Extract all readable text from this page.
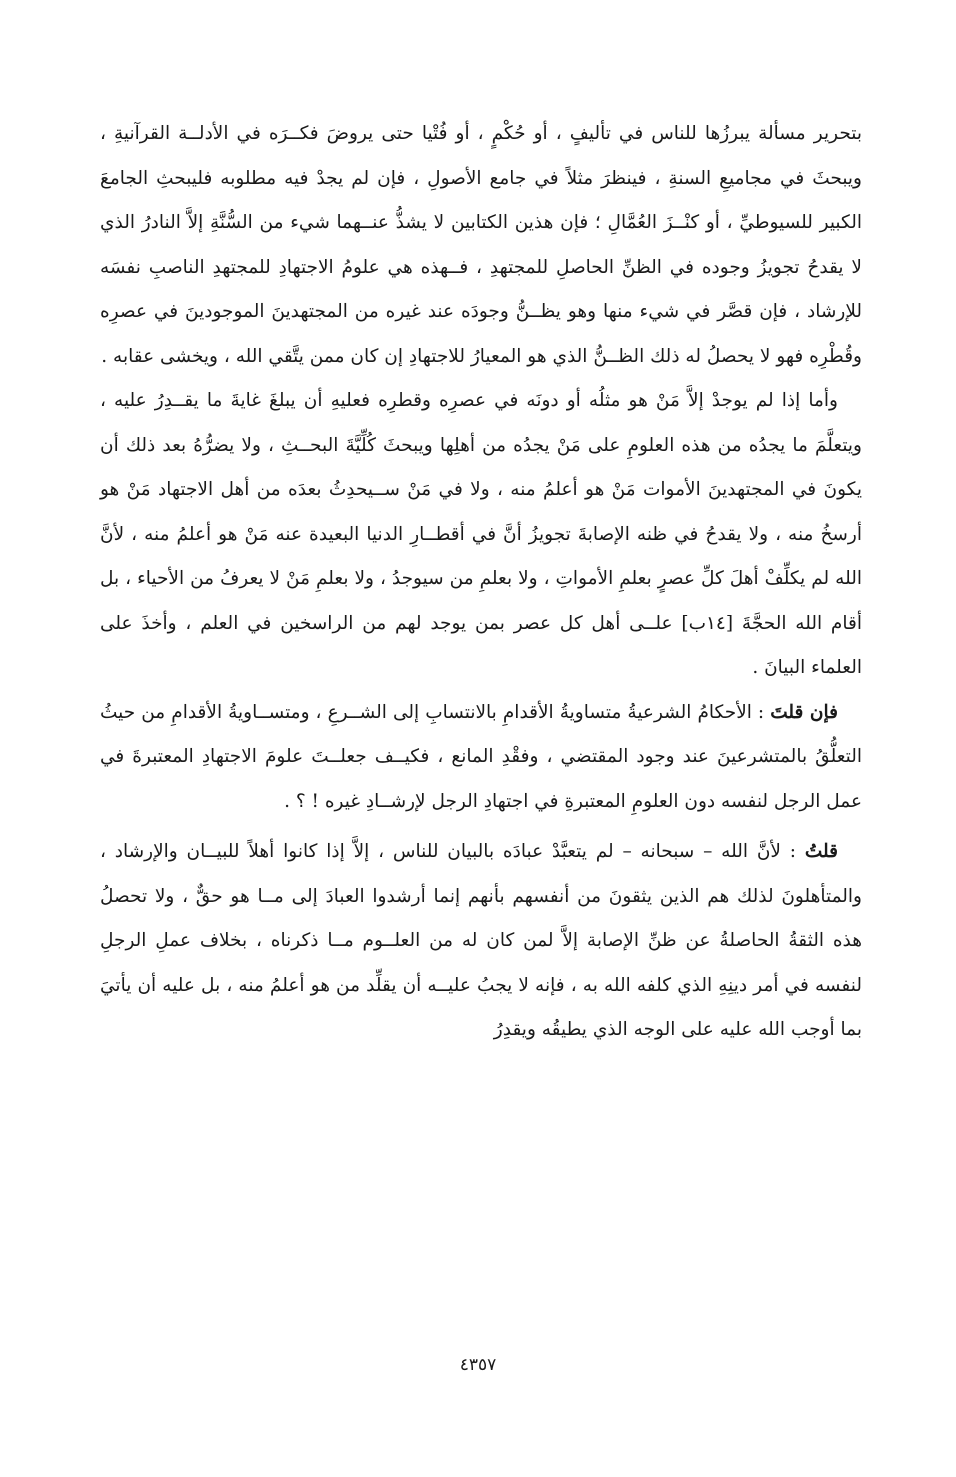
بتحرير مسألة يبرزُها للناس في تأليفٍ ، أو حُكْمٍ ، أو فُتْيا حتى يروضَ فكــرَه في الأدلــة القرآنيةِ ، ويبحثَ في مجاميعِ السنةِ ، فينظرَ مثلاً في جامع الأصولِ ، فإن لم يجدْ فيه مطلوبه فليبحثِ الجامعَ الكبير للسيوطيِّ ، أو كنْــزَ العُمَّالِ ؛ فإن هذين الكتابين لا يشذُّ عنــهما شيء من السُّنَّةِ إلاَّ النادرُ الذي لا يقدحُ تجويزُ وجوده في الظنِّ الحاصلِ للمجتهدِ ، فــهذه هي علومُ الاجتهادِ للمجتهدِ الناصبِ نفسَه للإرشاد ، فإن قصَّر في شيء منها وهو يظــنُّ وجودَه عند غيره من المجتهدينَ الموجودينَ في عصرِه وقُطْرِه فهو لا يحصلُ له ذلك الظــنُّ الذي هو المعيارُ للاجتهادِ إن كان ممن يتَّقي الله ، ويخشى عقابه .

وأما إذا لم يوجدْ إلاَّ مَنْ هو مثلُه أو دونَه في عصرِه وقطرِه فعليهِ أن يبلغَ غايةَ ما يقــدِرُ عليه ، ويتعلَّمَ ما يجدُه من هذه العلومِ على مَنْ يجدُه من أهلِها ويبحثَ كُلِّيَّةَ البحــثِ ، ولا يضرُّهُ بعد ذلك أن يكونَ في المجتهدينَ الأموات مَنْ هو أعلمُ منه ، ولا في مَنْ ســيحدِثُ بعدَه من أهل الاجتهاد مَنْ هو أرسخُ منه ، ولا يقدحُ في ظنه الإصابةَ تجويزُ أنَّ في أقطــارِ الدنيا البعيدة عنه مَنْ هو أعلمُ منه ، لأنَّ الله لم يكلِّفْ أهلَ كلِّ عصرٍ بعلمِ الأمواتِ ، ولا بعلمِ من سيوجدُ ، ولا بعلمِ مَنْ لا يعرفُ من الأحياء ، بل أقام الله الحجَّةَ [١٤ب] علــى أهل كل عصر بمن يوجد لهم من الراسخين في العلم ، وأخذَ على العلماء البيانَ .

فإن قلتَ : الأحكامُ الشرعيةُ متساويةُ الأقدامِ بالانتسابِ إلى الشــرعِ ، ومتســاويةُ الأقدامِ من حيثُ التعلُّقُ بالمتشرعينَ عند وجود المقتضي ، وفقْدِ المانع ، فكيــف جعلــتَ علومَ الاجتهادِ المعتبرةَ في عمل الرجل لنفسه دون العلومِ المعتبرةِ في اجتهادِ الرجل لإرشــادِ غيره ! ؟ .

قلتُ : لأنَّ الله – سبحانه – لم يتعبَّدْ عبادَه بالبيان للناس ، إلاَّ إذا كانوا أهلاً للبيــان والإرشاد ، والمتأهلونَ لذلك هم الذين يثقونَ من أنفسهم بأنهم إنما أرشدوا العبادَ إلى مــا هو حقٌّ ، ولا تحصلُ هذه الثقةُ الحاصلةُ عن ظنِّ الإصابة إلاَّ لمن كان له من العلــوم مــا ذكرناه ، بخلاف عملِ الرجلِ لنفسه في أمر دينِهِ الذي كلفه الله به ، فإنه لا يجبُ عليــه أن يقلِّد من هو أعلمُ منه ، بل عليه أن يأتيَ بما أوجب الله عليه على الوجه الذي يطيقُه ويقدِرُ

٤٣٥٧
